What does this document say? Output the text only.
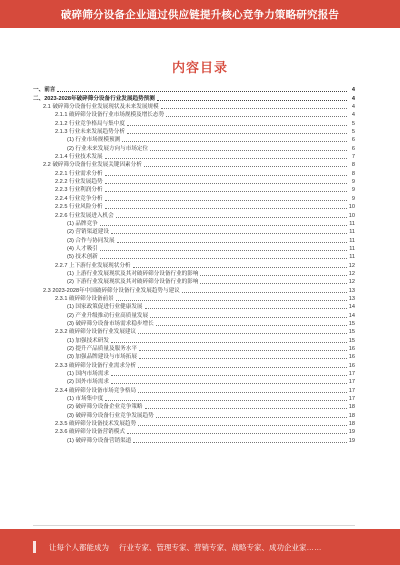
破碎筛分设备企业通过供应链提升核心竞争力策略研究报告
内容目录
一、前言	4
二、2023-2028年破碎筛分设备行业发展趋势预测	4
2.1 破碎筛分设备行业发展现状及未来发展规模	4
2.1.1 破碎筛分设备行业市场规模及增长态势	4
2.1.2 行业竞争格局与集中度	5
2.1.3 行业未来发展趋势分析	5
(1) 行业市场规模预测	6
(2) 行业未来发展方向与市场定位	6
2.1.4 行业技术发展	7
2.2 破碎筛分设备行业发展关键因素分析	8
2.2.1 行业需求分析	8
2.2.2 行业发展趋势	9
2.2.3 行业利润分析	9
2.2.4 行业竞争分析	9
2.2.5 行业风险分析	10
2.2.6 行业发展进入机会	10
(1) 品牌竞争	11
(2) 营销渠道建设	11
(3) 合作与协同发展	11
(4) 人才吸引	11
(5) 技术创新	11
2.2.7 上下游行业发展现状分析	12
(1) 上游行业发展现状及其对破碎筛分设备行业的影响	12
(2) 下游行业发展现状及其对破碎筛分设备行业的影响	12
2.3 2023-2028年中国破碎筛分设备行业发展趋势与建议	13
2.3.1 破碎筛分设备前景	13
(1) 国家政策促进行业健康发展	14
(2) 产业升级推动行业高质量发展	14
(3) 破碎筛分设备市场需求稳步增长	15
2.3.2 破碎筛分设备行业发展建议	15
(1) 加强技术研发	15
(2) 提升产品质量及服务水平	16
(3) 加强品牌建设与市场拓展	16
2.3.3 破碎筛分设备行业需求分析	16
(1) 国内市场需求	17
(2) 国外市场需求	17
2.3.4 破碎筛分设备市场竞争格局	17
(1) 市场集中度	17
(2) 破碎筛分设备企业竞争策略	18
(3) 破碎筛分设备行业竞争发展趋势	18
2.3.5 破碎筛分设备技术发展趋势	18
2.3.6 破碎筛分设备营销模式	19
(1) 破碎筛分设备营销渠道	19
让每个人都能成为 行业专家、管理专家、营销专家、战略专家、成功企业家……
